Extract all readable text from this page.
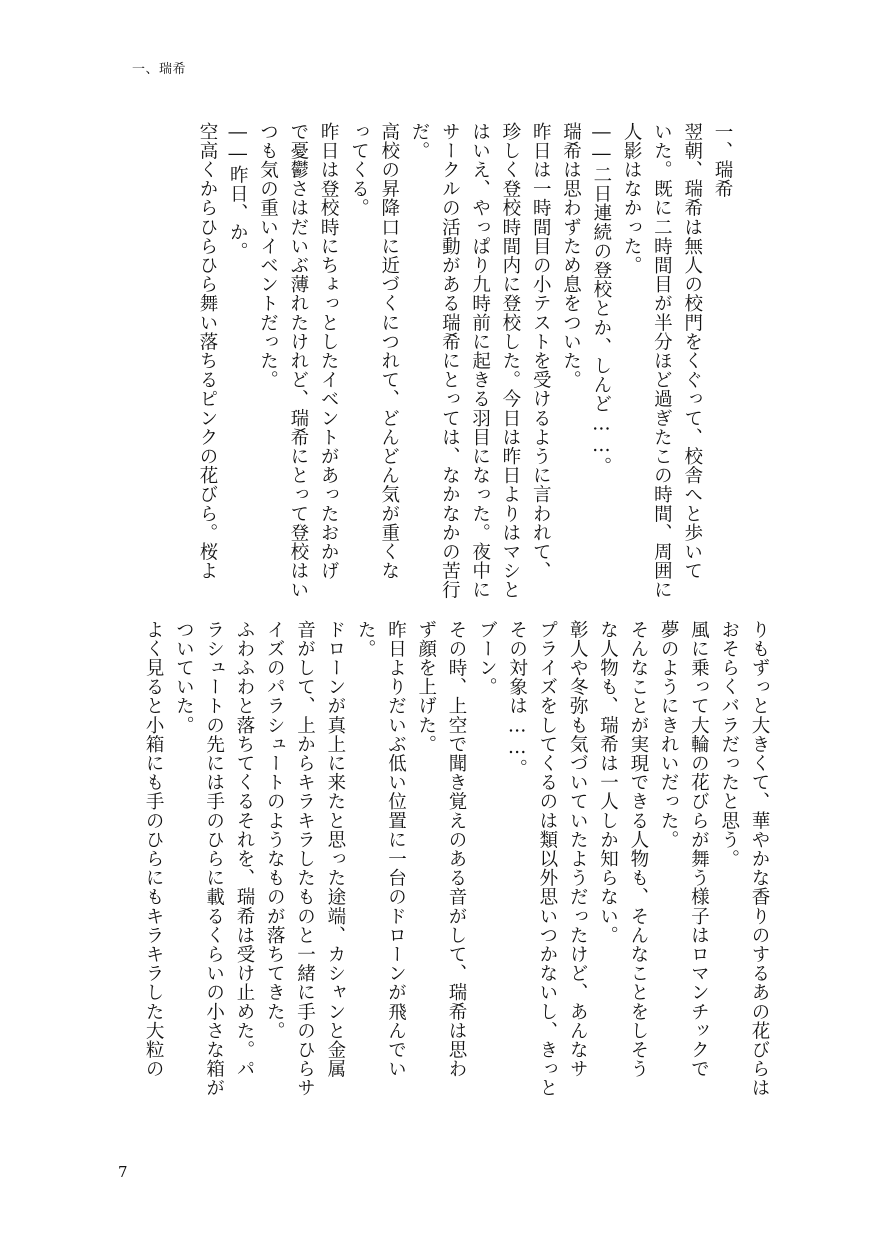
一、瑞希
一、瑞希
翌朝、瑞希は無人の校門をくぐって、校舎へと歩いて
いた。既に二時間目が半分ほど過ぎたこの時間、周囲に
人影はなかった。
――二日連続の登校とか、しんど……。
瑞希は思わずため息をついた。
昨日は一時間目の小テストを受けるように言われて、
珍しく登校時間内に登校した。今日は昨日よりはマシと
はいえ、やっぱり九時前に起きる羽目になった。夜中に
サークルの活動がある瑞希にとっては、なかなかの苦行
だ。
高校の昇降口に近づくにつれて、どんどん気が重くな
ってくる。
昨日は登校時にちょっとしたイベントがあったおかげ
で憂鬱さはだいぶ薄れたけれど、瑞希にとって登校はい
つも気の重いイベントだった。
――昨日、か。
空高くからひらひら舞い落ちるピンクの花びら。桜よ
りもずっと大きくて、華やかな香りのするあの花びらは
おそらくバラだったと思う。
風に乗って大輪の花びらが舞う様子はロマンチックで
夢のようにきれいだった。
そんなことが実現できる人物も、そんなことをしそう
な人物も、瑞希は一人しか知らない。
彰人や冬弥も気づいていたようだったけど、あんなサ
プライズをしてくるのは類以外思いつかないし、きっと
その対象は……。
ブーン。
その時、上空で聞き覚えのある音がして、瑞希は思わ
ず顔を上げた。
昨日よりだいぶ低い位置に一台のドローンが飛んでい
た。
ドローンが真上に来たと思った途端、カシャンと金属
音がして、上からキラキラしたものと一緒に手のひらサ
イズのパラシュートのようなものが落ちてきた。
ふわふわと落ちてくるそれを、瑞希は受け止めた。パ
ラシュートの先には手のひらに載るくらいの小さな箱が
ついていた。
よく見ると小箱にも手のひらにもキラキラした大粒の
7
